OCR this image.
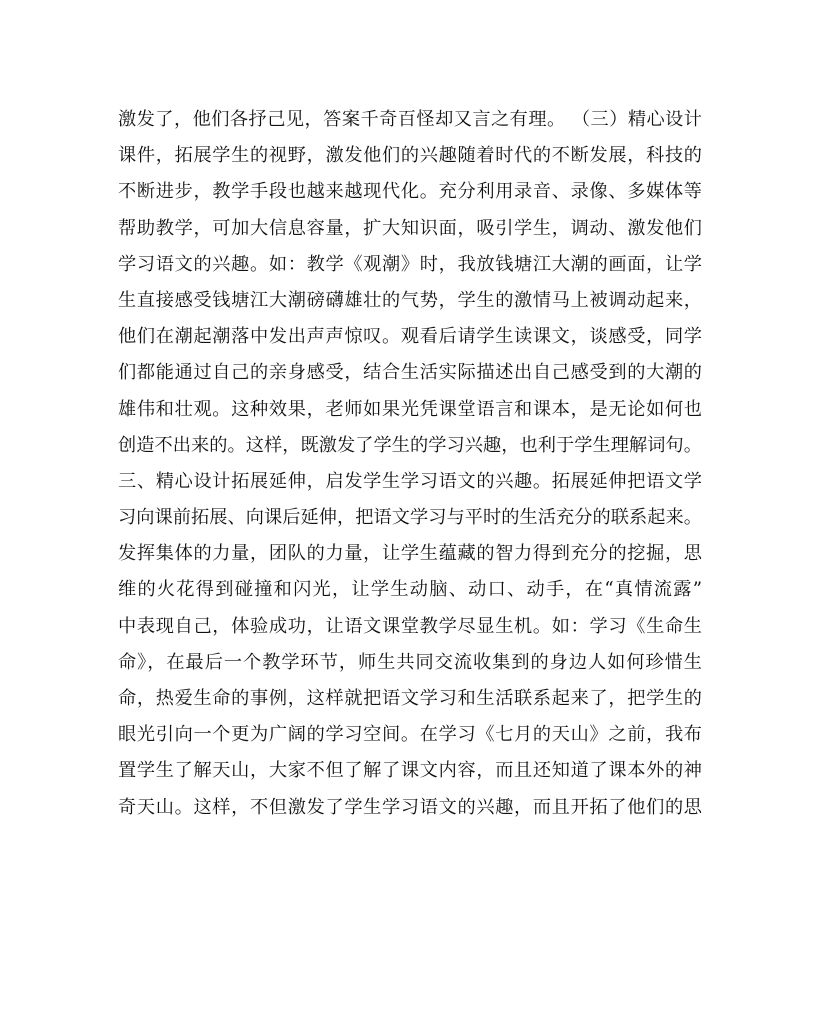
激发了，他们各抒己见，答案千奇百怪却又言之有理。 （三）精心设计
课件，拓展学生的视野，激发他们的兴趣随着时代的不断发展，科技的
不断进步，教学手段也越来越现代化。充分利用录音、录像、多媒体等
帮助教学，可加大信息容量，扩大知识面，吸引学生，调动、激发他们
学习语文的兴趣。如：教学《观潮》时，我放钱塘江大潮的画面，让学
生直接感受钱塘江大潮磅礴雄壮的气势，学生的激情马上被调动起来，
他们在潮起潮落中发出声声惊叹。观看后请学生读课文，谈感受，同学
们都能通过自己的亲身感受，结合生活实际描述出自己感受到的大潮的
雄伟和壮观。这种效果，老师如果光凭课堂语言和课本，是无论如何也
创造不出来的。这样，既激发了学生的学习兴趣，也利于学生理解词句。
三、精心设计拓展延伸，启发学生学习语文的兴趣。拓展延伸把语文学
习向课前拓展、向课后延伸，把语文学习与平时的生活充分的联系起来。
发挥集体的力量，团队的力量，让学生蕴藏的智力得到充分的挖掘，思
维的火花得到碰撞和闪光，让学生动脑、动口、动手，在“真情流露”
中表现自己，体验成功，让语文课堂教学尽显生机。如：学习《生命生
命》，在最后一个教学环节，师生共同交流收集到的身边人如何珍惜生
命，热爱生命的事例，这样就把语文学习和生活联系起来了，把学生的
眼光引向一个更为广阔的学习空间。在学习《七月的天山》之前，我布
置学生了解天山，大家不但了解了课文内容，而且还知道了课本外的神
奇天山。这样，不但激发了学生学习语文的兴趣，而且开拓了他们的思
